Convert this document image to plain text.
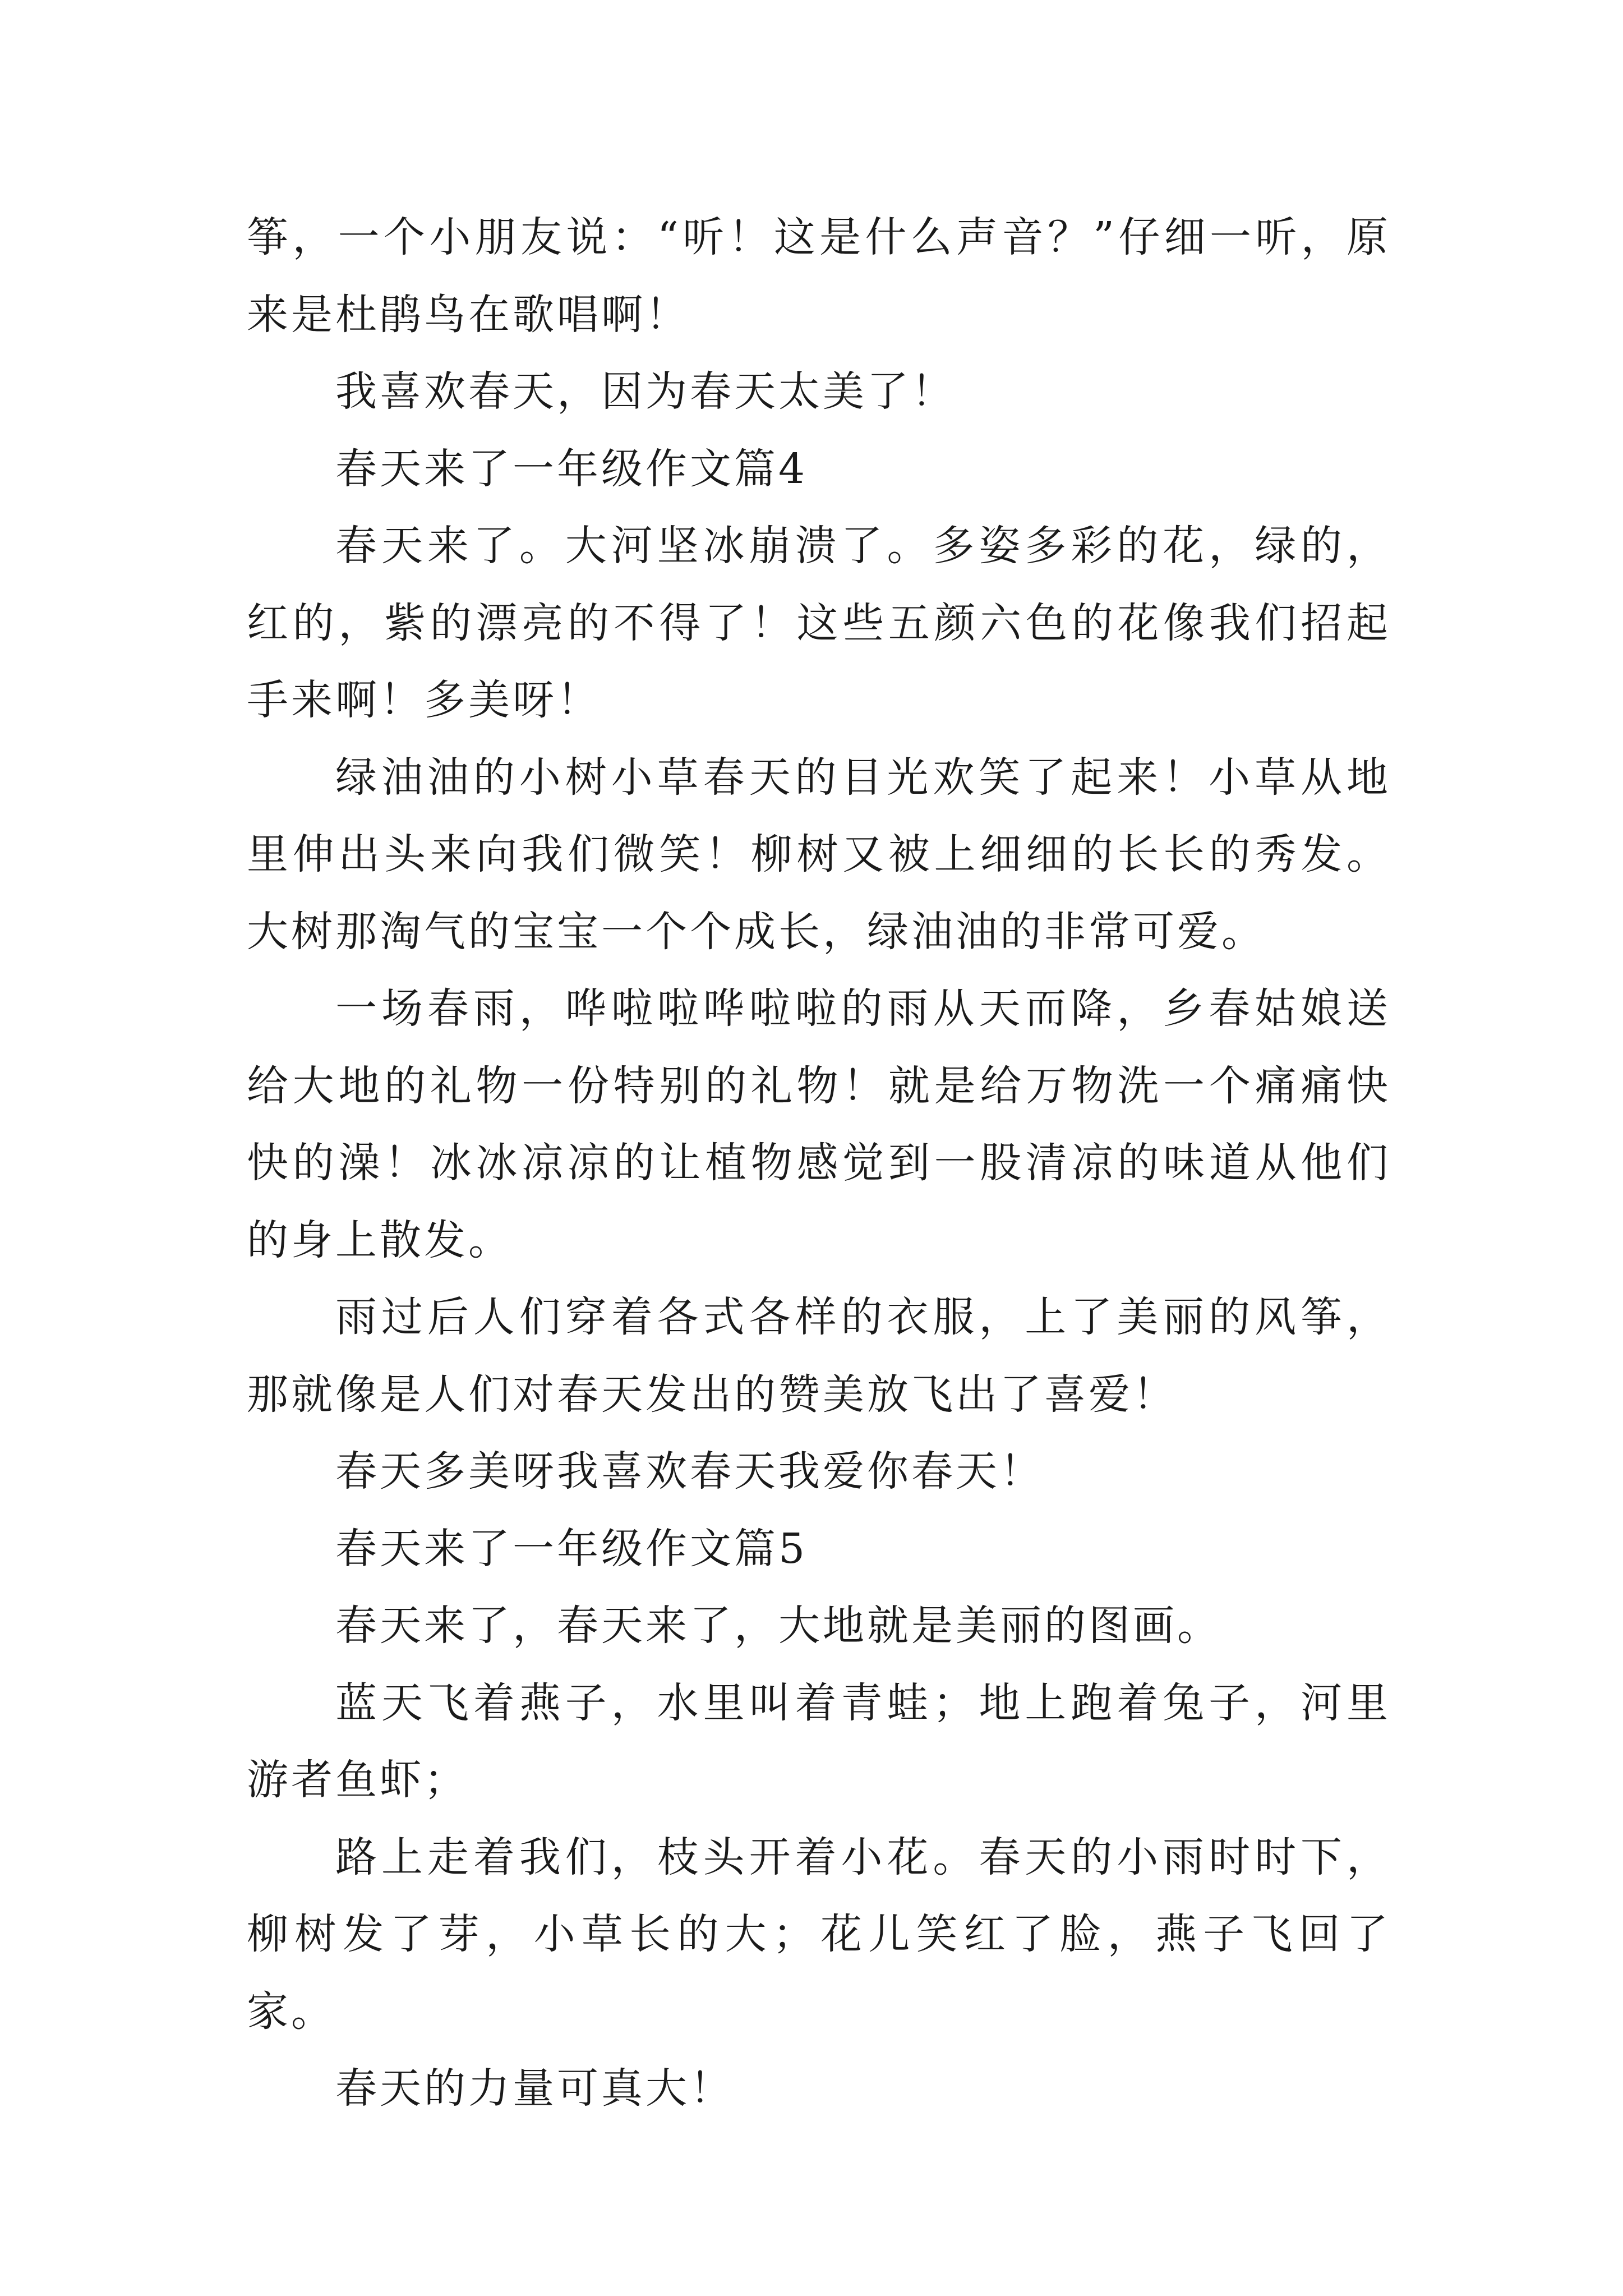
筝，一个小朋友说：“听！这是什么声音？”仔细一听，原来是杜鹃鸟在歌唱啊！

我喜欢春天，因为春天太美了！

春天来了一年级作文篇4

春天来了。大河坚冰崩溃了。多姿多彩的花，绿的，红的，紫的漂亮的不得了！这些五颜六色的花像我们招起手来啊！多美呀！

绿油油的小树小草春天的目光欢笑了起来！小草从地里伸出头来向我们微笑！柳树又被上细细的长长的秀发。大树那淘气的宝宝一个个成长，绿油油的非常可爱。

一场春雨，哗啦啦哗啦啦的雨从天而降，乡春姑娘送给大地的礼物一份特别的礼物！就是给万物洗一个痛痛快快的澡！冰冰凉凉的让植物感觉到一股清凉的味道从他们的身上散发。

雨过后人们穿着各式各样的衣服，上了美丽的风筝，那就像是人们对春天发出的赞美放飞出了喜爱！

春天多美呀我喜欢春天我爱你春天！

春天来了一年级作文篇5

春天来了，春天来了，大地就是美丽的图画。

蓝天飞着燕子，水里叫着青蛙；地上跑着兔子，河里游者鱼虾；

路上走着我们，枝头开着小花。春天的小雨时时下，柳树发了芽，小草长的大；花儿笑红了脸，燕子飞回了家。

春天的力量可真大！
